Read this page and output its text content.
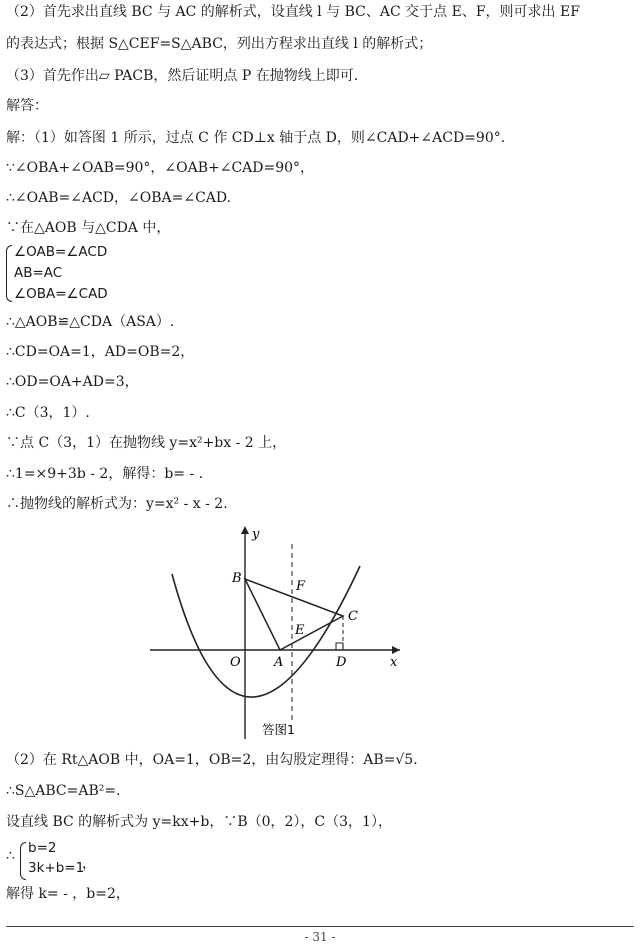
（2）首先求出直线 BC 与 AC 的解析式，设直线 l 与 BC、AC 交于点 E、F，则可求出 EF
的表达式；根据 S△CEF=S△ABC，列出方程求出直线 l 的解析式；
（3）首先作出▱ PACB，然后证明点 P 在抛物线上即可.
解答：
解：（1）如答图 1 所示，过点 C 作 CD⊥x 轴于点 D，则∠CAD+∠ACD=90°.
∵∠OBA+∠OAB=90°，∠OAB+∠CAD=90°，
∴∠OAB=∠ACD，∠OBA=∠CAD.
∵在△AOB 与△CDA 中，
∠OAB=∠ACD
AB=AC
∠OBA=∠CAD
∴△AOB≌△CDA（ASA）.
∴CD=OA=1，AD=OB=2，
∴OD=OA+AD=3，
∴C（3，1）.
∵点 C（3，1）在抛物线 y=x²+bx - 2 上，
∴1=×9+3b - 2，解得：b= - .
∴抛物线的解析式为：y=x² - x - 2.
B
F
C
E
O	A	D	x
y
答图1
（2）在 Rt△AOB 中，OA=1，OB=2，由勾股定理得：AB=√5.
∴S△ABC=AB²=.
设直线 BC 的解析式为 y=kx+b，∵B（0，2），C（3，1），
∴ b=2
3k+b=1
，
解得 k= - ，b=2，
- 31 -
